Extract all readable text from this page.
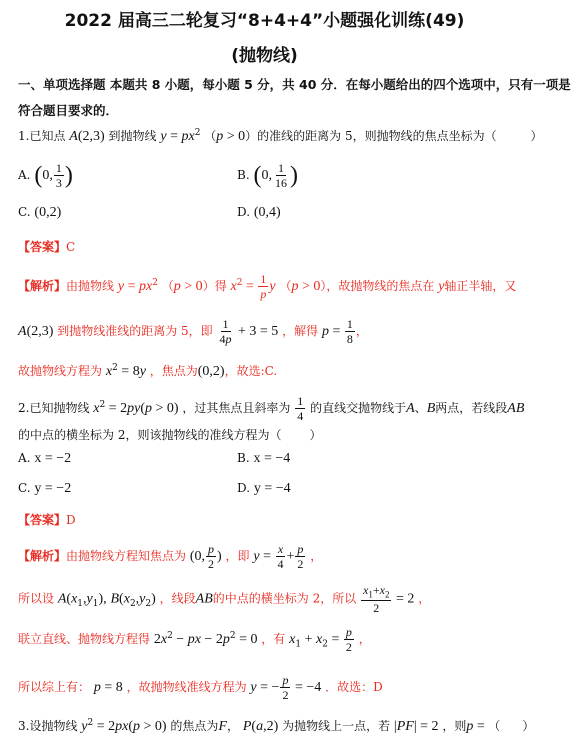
2022 届高三二轮复习“8+4+4”小题强化训练(49)
(抛物线)
一、单项选择题 本题共 8 小题，每小题 5 分，共 40 分．在每小题给出的四个选项中，只有一项是
符合题目要求的．
1.已知点 A(2,3) 到抛物线 $y = px^2$ （p > 0）的准线的距离为 5，则抛物线的焦点坐标为（	）
A. (0, $\frac{1}{3}$ )	B. (0, $\frac{1}{16}$ )
C. (0,2)	D. (0,4)
【答案】C
【解析】由抛物线 $y = px^2$ （p > 0）得 $x^2 = \frac{1}{p}$ y （p > 0），故抛物线的焦点在 y轴正半轴，又
A(2,3) 到抛物线准线的距离为 5，即 $\frac{1}{4p} + 3 = 5$ ，解得 $p = \frac{1}{8}$ ，
故抛物线方程为 $x^2 = 8y$ ，焦点为(0,2)，故选:C.
2.已知抛物线 $x^2 = 2py(p > 0)$ ，过其焦点且斜率为 $\frac{1}{4}$ 的直线交抛物线于A、B两点，若线段AB
的中点的横坐标为 2，则该抛物线的准线方程为（ ）
A. x = −2	B. x = −4
C. y = −2	D. y = −4
【答案】D
【解析】由抛物线方程知焦点为 (0, $\frac{p}{2}$ ) ，即 $y = \frac{x}{4} + \frac{p}{2}$ ，
所以设 $A(x_1,y_1)$, $B(x_2,y_2)$ ，线段AB的中点的横坐标为 2，所以 $\frac{x_1+x_2}{2} = 2$ ，
联立直线、抛物线方程得 $2x^2$ − px − $2p^2 = 0$ ，有 $x_1 + x_2 = \frac{p}{2}$ ，
所以综上有： p = 8 ，故抛物线准线方程为 y = − $\frac{p}{2} = -4$ ．故选：D
3.设抛物线 $y^2 = 2px(p > 0)$ 的焦点为F， P(a,2) 为抛物线上一点，若 |PF| = 2 ，则p = （ ）
